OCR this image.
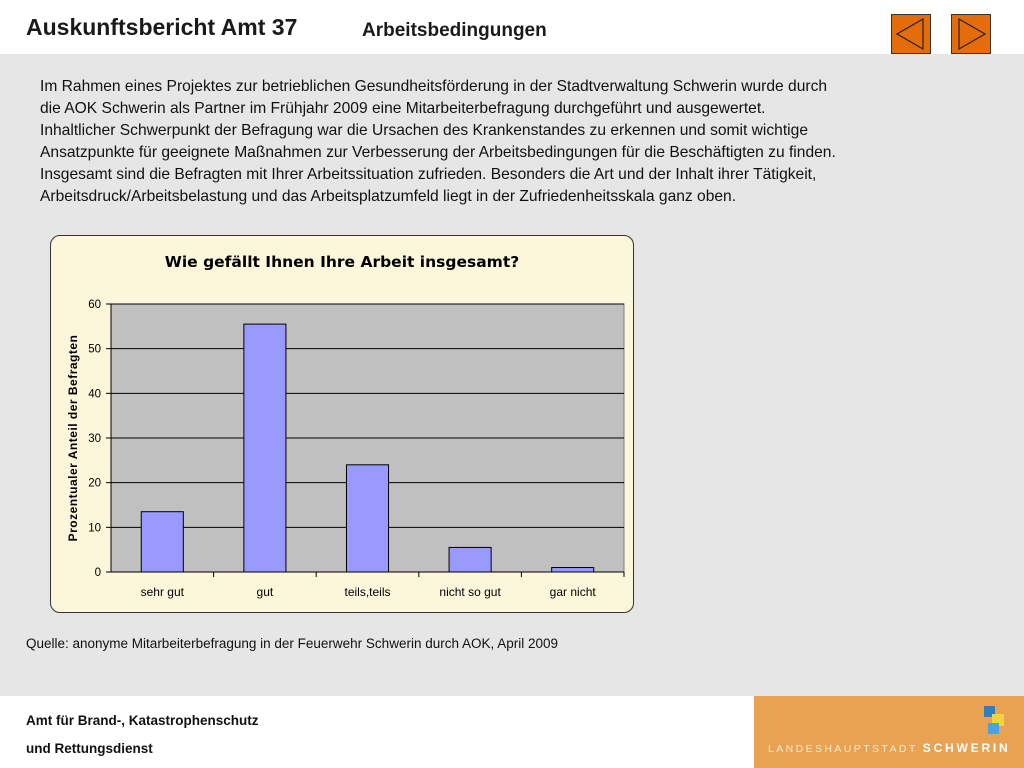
Auskunftsbericht Amt 37	Arbeitsbedingungen
Im Rahmen eines Projektes zur betrieblichen Gesundheitsförderung in der Stadtverwaltung Schwerin wurde durch
die AOK Schwerin als Partner im Frühjahr 2009 eine Mitarbeiterbefragung durchgeführt und ausgewertet.
Inhaltlicher Schwerpunkt der Befragung war die Ursachen des Krankenstandes zu erkennen und somit wichtige
Ansatzpunkte für geeignete Maßnahmen zur Verbesserung der Arbeitsbedingungen für die Beschäftigten zu finden.
Insgesamt sind die Befragten mit Ihrer Arbeitssituation zufrieden. Besonders die Art und der Inhalt ihrer Tätigkeit,
Arbeitsdruck/Arbeitsbelastung und das Arbeitsplatzumfeld liegt in der Zufriedenheitsskala ganz oben.
Wie gefällt Ihnen Ihre Arbeit insgesamt?
0
10
20
30
40
50
60
sehr gut	gut	teils,teils	nicht so gut	gar nicht
Prozentualer Anteil der Befragten
Quelle: anonyme Mitarbeiterbefragung in der Feuerwehr Schwerin durch AOK, April 2009
Amt für Brand-, Katastrophenschutz
und Rettungsdienst	LANDESHAUPTSTADT SCHWERIN
